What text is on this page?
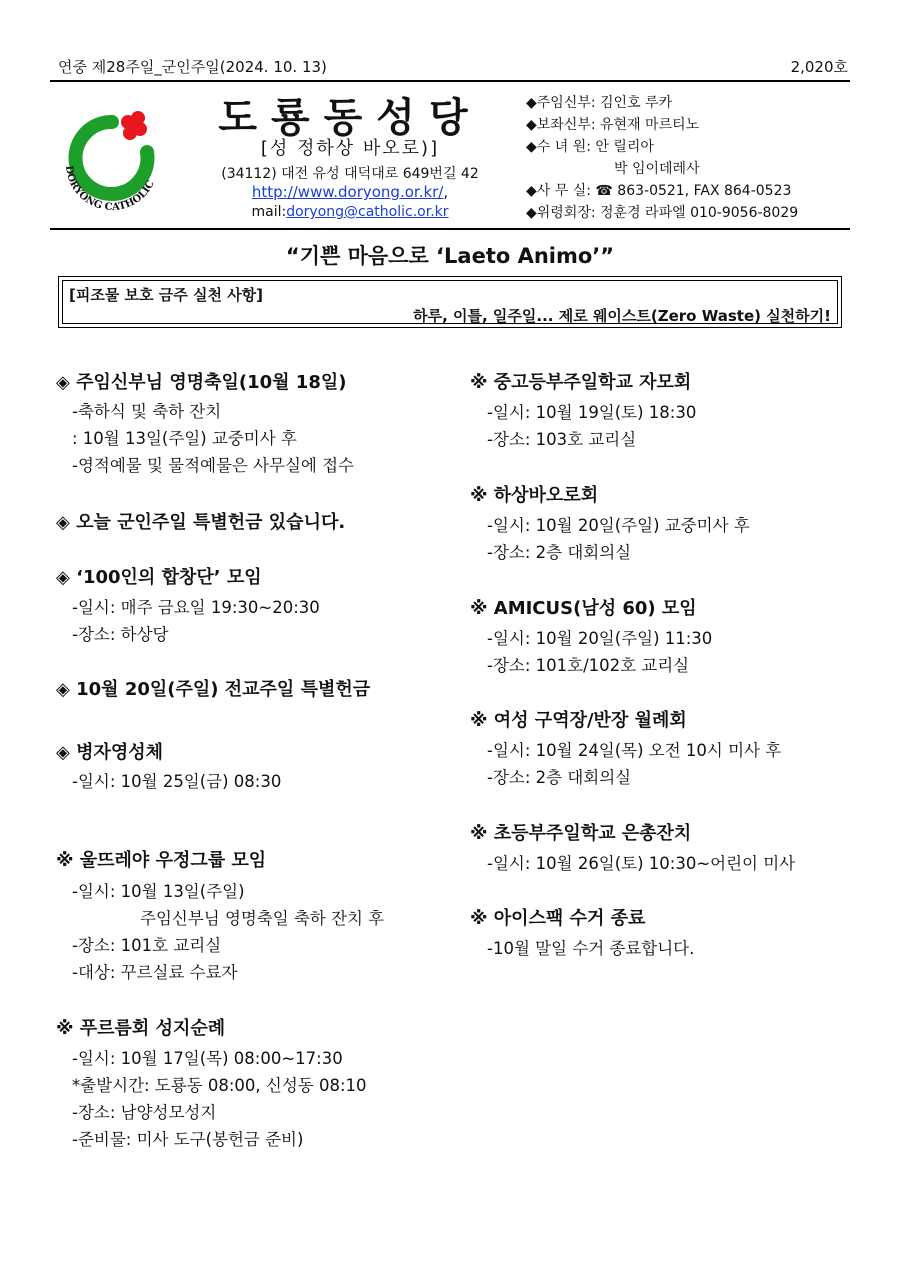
연중 제28주일_군인주일(2024. 10. 13)	2,020호
DORYONG CATHOLIC
도룡동성당
[성 정하상 바오로)]
(34112) 대전 유성 대덕대로 649번길 42
http://www.doryong.or.kr/,
mail:doryong@catholic.or.kr
◆주임신부: 김인호 루카
◆보좌신부: 유현재 마르티노
◆수 녀 원: 안 릴리아
박 임이데레사
◆사 무 실: ☎ 863-0521, FAX 864-0523
◆위령회장: 정훈경 라파엘 010-9056-8029
“기쁜 마음으로 ‘Laeto Animo’”
[피조물 보호 금주 실천 사항]
하루, 이틀, 일주일... 제로 웨이스트(Zero Waste) 실천하기!
◈ 주임신부님 영명축일(10월 18일)
-축하식 및 축하 잔치
: 10월 13일(주일) 교중미사 후
-영적예물 및 물적예물은 사무실에 접수
◈ 오늘 군인주일 특별헌금 있습니다.
◈ ‘100인의 합창단’ 모임
-일시: 매주 금요일 19:30~20:30
-장소: 하상당
◈ 10월 20일(주일) 전교주일 특별헌금
◈ 병자영성체
-일시: 10월 25일(금) 08:30
※ 울뜨레야 우정그룹 모임
-일시: 10월 13일(주일)
주임신부님 영명축일 축하 잔치 후
-장소: 101호 교리실
-대상: 꾸르실료 수료자
※ 푸르름회 성지순례
-일시: 10월 17일(목) 08:00~17:30
*출발시간: 도룡동 08:00, 신성동 08:10
-장소: 남양성모성지
-준비물: 미사 도구(봉헌금 준비)
※ 중고등부주일학교 자모회
-일시: 10월 19일(토) 18:30
-장소: 103호 교리실
※ 하상바오로회
-일시: 10월 20일(주일) 교중미사 후
-장소: 2층 대회의실
※ AMICUS(남성 60) 모임
-일시: 10월 20일(주일) 11:30
-장소: 101호/102호 교리실
※ 여성 구역장/반장 월례회
-일시: 10월 24일(목) 오전 10시 미사 후
-장소: 2층 대회의실
※ 초등부주일학교 은총잔치
-일시: 10월 26일(토) 10:30~어린이 미사
※ 아이스팩 수거 종료
-10월 말일 수거 종료합니다.
